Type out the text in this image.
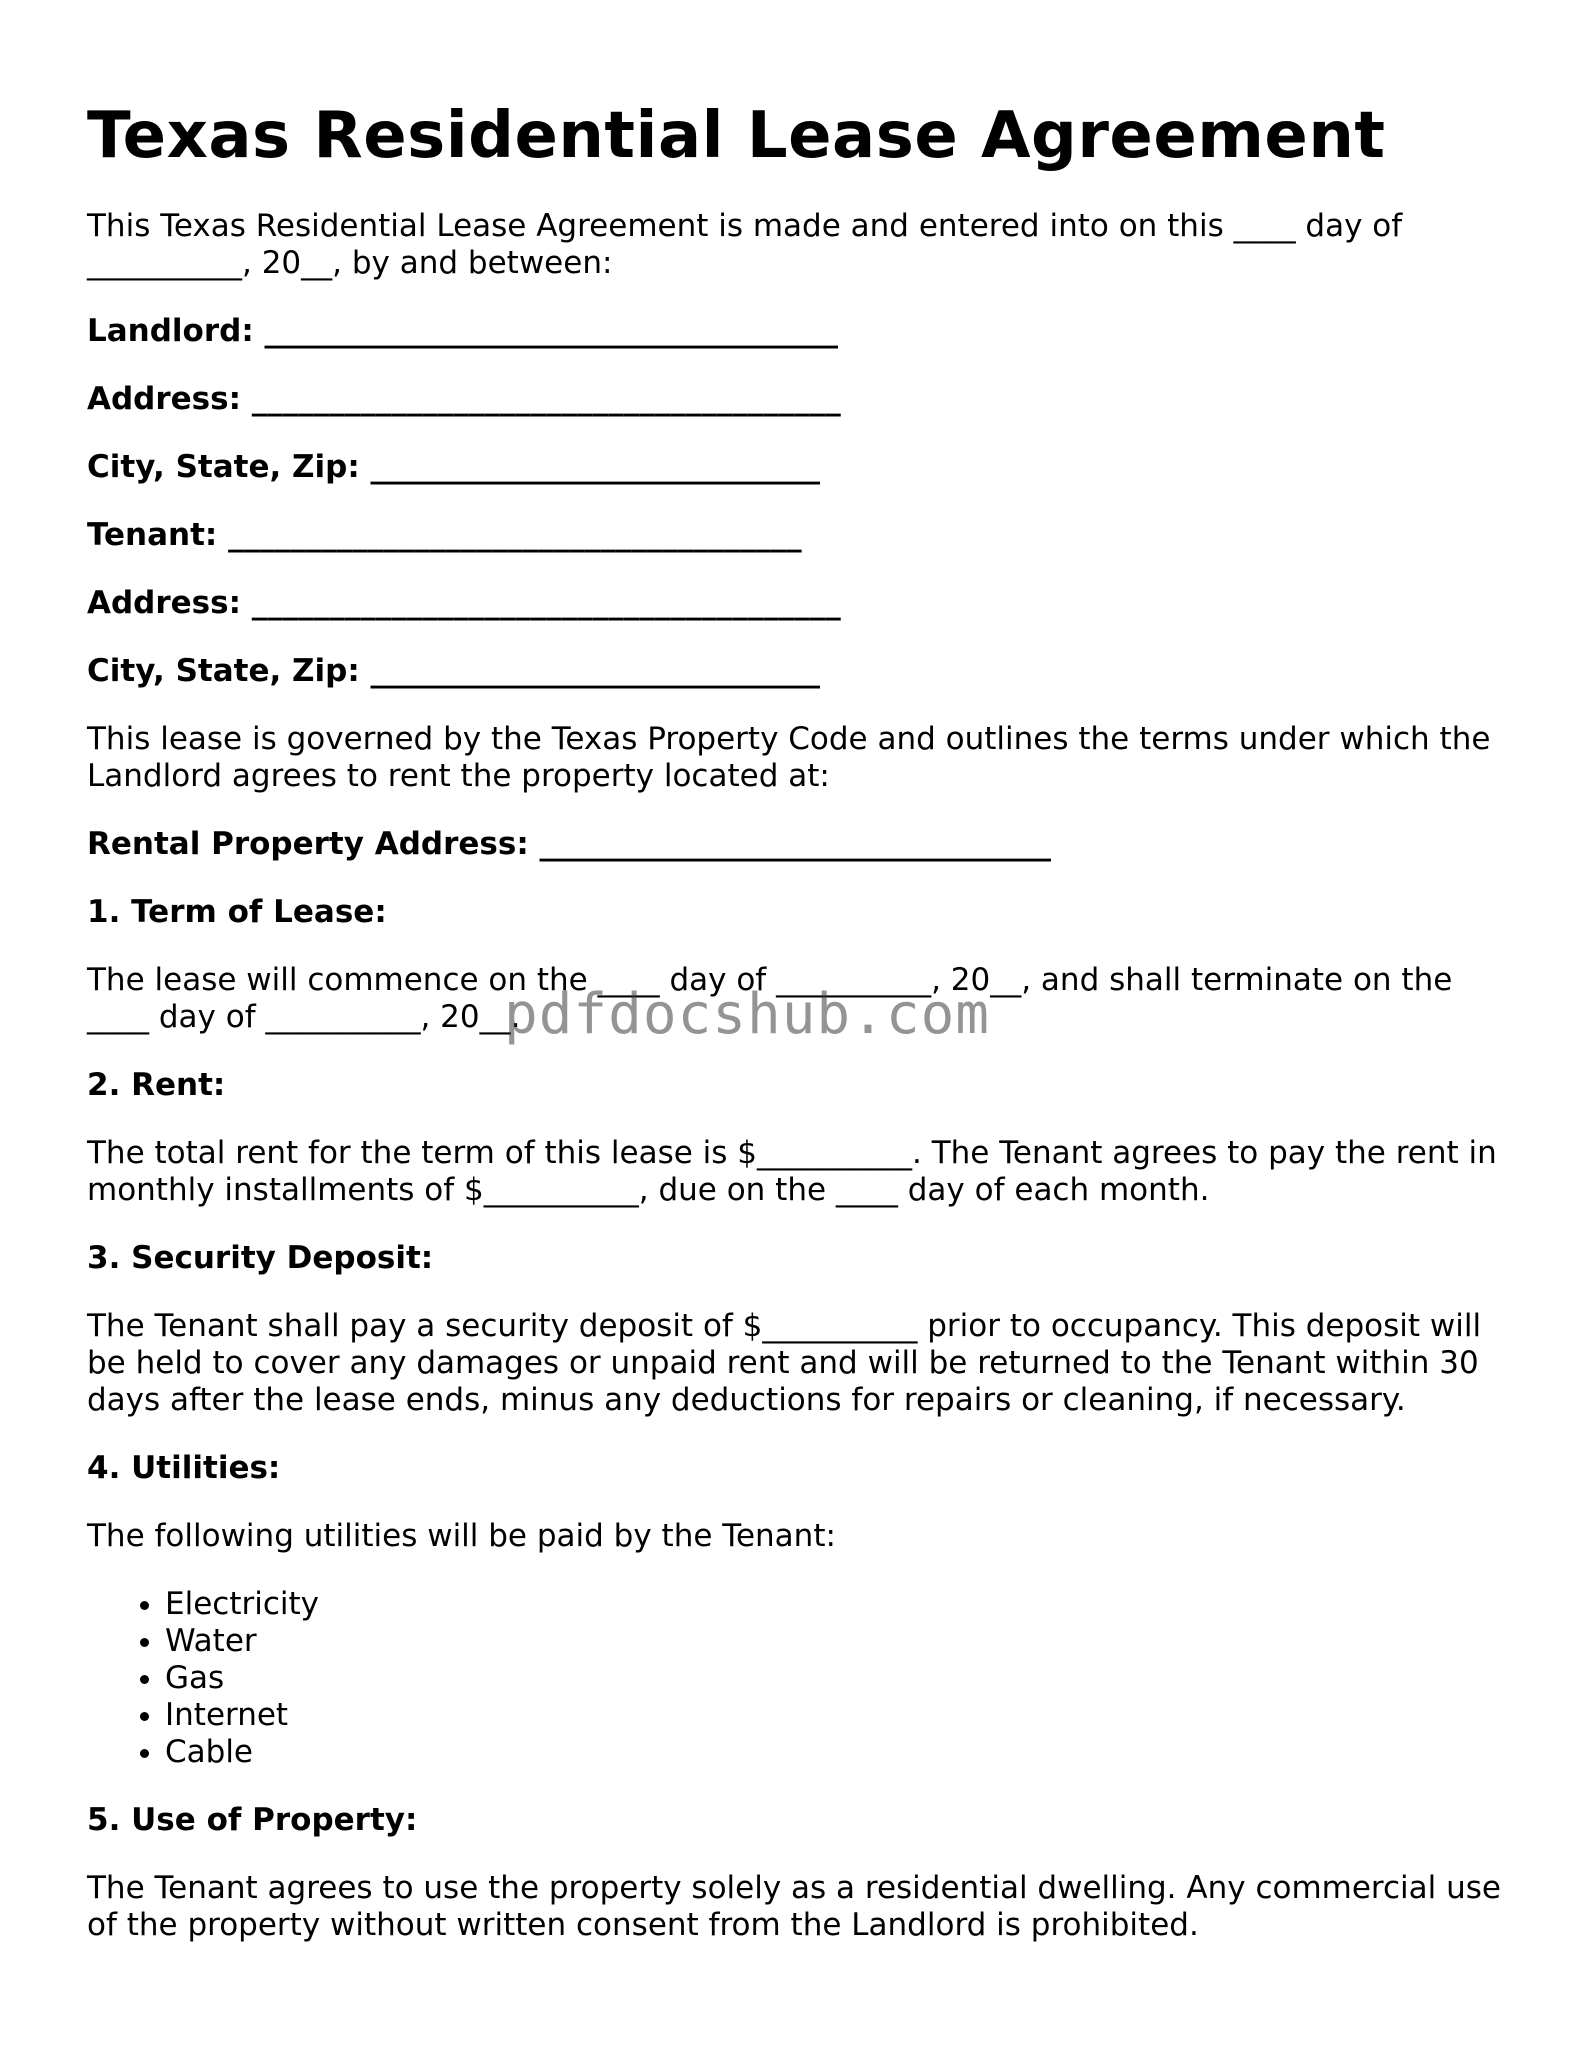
Texas Residential Lease Agreement

This Texas Residential Lease Agreement is made and entered into on this ____ day of __________, 20__, by and between:

Landlord: _____________________________________

Address: ______________________________________

City, State, Zip: _____________________________

Tenant: _____________________________________

Address: ______________________________________

City, State, Zip: _____________________________

This lease is governed by the Texas Property Code and outlines the terms under which the Landlord agrees to rent the property located at:

Rental Property Address: _________________________________

1. Term of Lease:

The lease will commence on the ____ day of __________, 20__, and shall terminate on the ____ day of __________, 20__.

2. Rent:

The total rent for the term of this lease is $__________. The Tenant agrees to pay the rent in monthly installments of $__________, due on the ____ day of each month.

3. Security Deposit:

The Tenant shall pay a security deposit of $__________ prior to occupancy. This deposit will be held to cover any damages or unpaid rent and will be returned to the Tenant within 30 days after the lease ends, minus any deductions for repairs or cleaning, if necessary.

4. Utilities:

The following utilities will be paid by the Tenant:

• Electricity
• Water
• Gas
• Internet
• Cable
5. Use of Property:

The Tenant agrees to use the property solely as a residential dwelling. Any commercial use of the property without written consent from the Landlord is prohibited.

pdfdocshub.com
